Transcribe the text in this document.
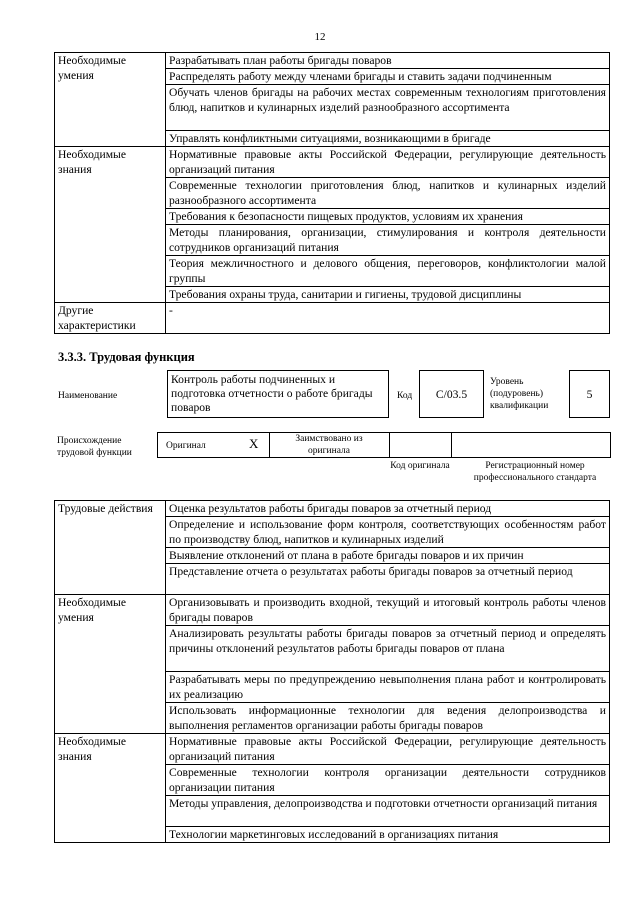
12
Необходимые умения	Разрабатывать план работы бригады поваров
	Распределять работу между членами бригады и ставить задачи подчиненным
	Обучать членов бригады на рабочих местах современным технологиям приготовления блюд, напитков и кулинарных изделий разнообразного ассортимента
	Управлять конфликтными ситуациями, возникающими в бригаде
Необходимые знания	Нормативные правовые акты Российской Федерации, регулирующие деятельность организаций питания
	Современные технологии приготовления блюд, напитков и кулинарных изделий разнообразного ассортимента
	Требования к безопасности пищевых продуктов, условиям их хранения
	Методы планирования, организации, стимулирования и контроля деятельности сотрудников организаций питания
	Теория межличностного и делового общения, переговоров, конфликтологии малой группы
	Требования охраны труда, санитарии и гигиены, трудовой дисциплины
Другие характеристики	-
3.3.3. Трудовая функция
Наименование
Контроль работы подчиненных и подготовка отчетности о работе бригады поваров
Код	С/03.5
Уровень (подуровень) квалификации
5
Происхождение трудовой функции
Оригинал	X	Заимствовано из оригинала
Код оригинала	Регистрационный номер профессионального стандарта
Трудовые действия	Оценка результатов работы бригады поваров за отчетный период
	Определение и использование форм контроля, соответствующих особенностям работ по производству блюд, напитков и кулинарных изделий
	Выявление отклонений от плана в работе бригады поваров и их причин
	Представление отчета о результатах работы бригады поваров за отчетный период
Необходимые умения	Организовывать и производить входной, текущий и итоговый контроль работы членов бригады поваров
	Анализировать результаты работы бригады поваров за отчетный период и определять причины отклонений результатов работы бригады поваров от плана
	Разрабатывать меры по предупреждению невыполнения плана работ и контролировать их реализацию
	Использовать информационные технологии для ведения делопроизводства и выполнения регламентов организации работы бригады поваров
Необходимые знания	Нормативные правовые акты Российской Федерации, регулирующие деятельность организаций питания
	Современные технологии контроля организации деятельности сотрудников организации питания
	Методы управления, делопроизводства и подготовки отчетности организаций питания
	Технологии маркетинговых исследований в организациях питания
